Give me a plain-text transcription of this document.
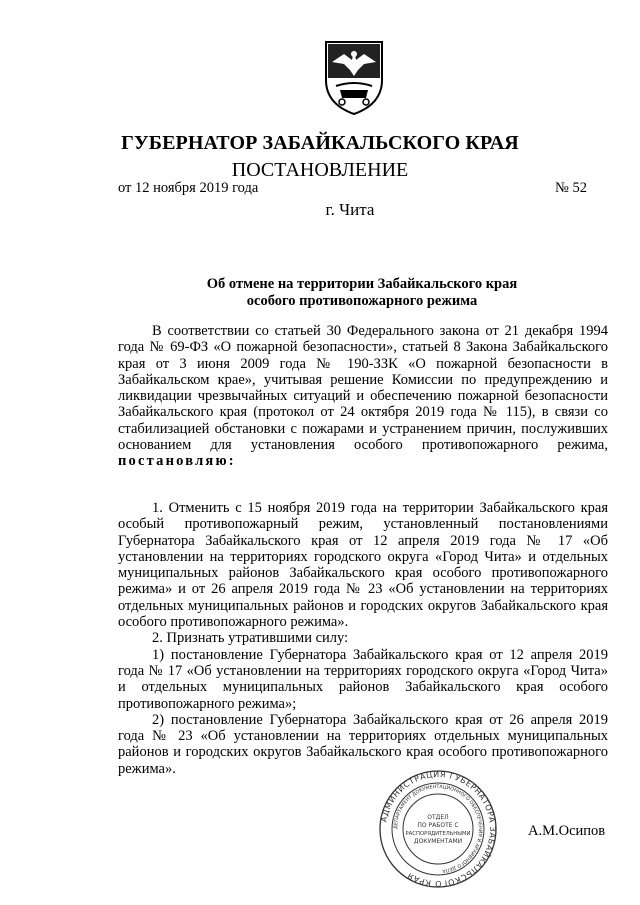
ГУБЕРНАТОР ЗАБАЙКАЛЬСКОГО КРАЯ
ПОСТАНОВЛЕНИЕ
от 12 ноября 2019 года	№ 52
г. Чита
Об отмене на территории Забайкальского края
особого противопожарного режима

В соответствии со статьей 30 Федерального закона от 21 декабря 1994 года № 69-ФЗ «О пожарной безопасности», статьей 8 Закона Забайкальского края от 3 июня 2009 года № 190-ЗЗК «О пожарной безопасности в Забайкальском крае», учитывая решение Комиссии по предупреждению и ликвидации чрезвычайных ситуаций и обеспечению пожарной безопасности Забайкальского края (протокол от 24 октября 2019 года № 115), в связи со стабилизацией обстановки с пожарами и устранением причин, послуживших основанием для установления особого противопожарного режима, постановляю:

1. Отменить с 15 ноября 2019 года на территории Забайкальского края особый противопожарный режим, установленный постановлениями Губернатора Забайкальского края от 12 апреля 2019 года № 17 «Об установлении на территориях городского округа «Город Чита» и отдельных муниципальных районов Забайкальского края особого противопожарного режима» и от 26 апреля 2019 года № 23 «Об установлении на территориях отдельных муниципальных районов и городских округов Забайкальского края особого противопожарного режима».

2. Признать утратившими силу:

1) постановление Губернатора Забайкальского края от 12 апреля 2019 года № 17 «Об установлении на территориях городского округа «Город Чита» и отдельных муниципальных районов Забайкальского края особого противопожарного режима»;

2) постановление Губернатора Забайкальского края от 26 апреля 2019 года № 23 «Об установлении на территориях отдельных муниципальных районов и городских округов Забайкальского края особого противопожарного режима».

АДМИНИСТРАЦИЯ ГУБЕРНАТОРА ЗАБАЙКАЛЬСКОГО КРАЯ
ДЕПАРТАМЕНТ ДОКУМЕНТАЦИОННОГО ОБЕСПЕЧЕНИЯ И АРХИВНОГО ДЕЛА
ОТДЕЛ
ПО РАБОТЕ С
РАСПОРЯДИТЕЛЬНЫМИ
ДОКУМЕНТАМИ
А.М.Осипов
